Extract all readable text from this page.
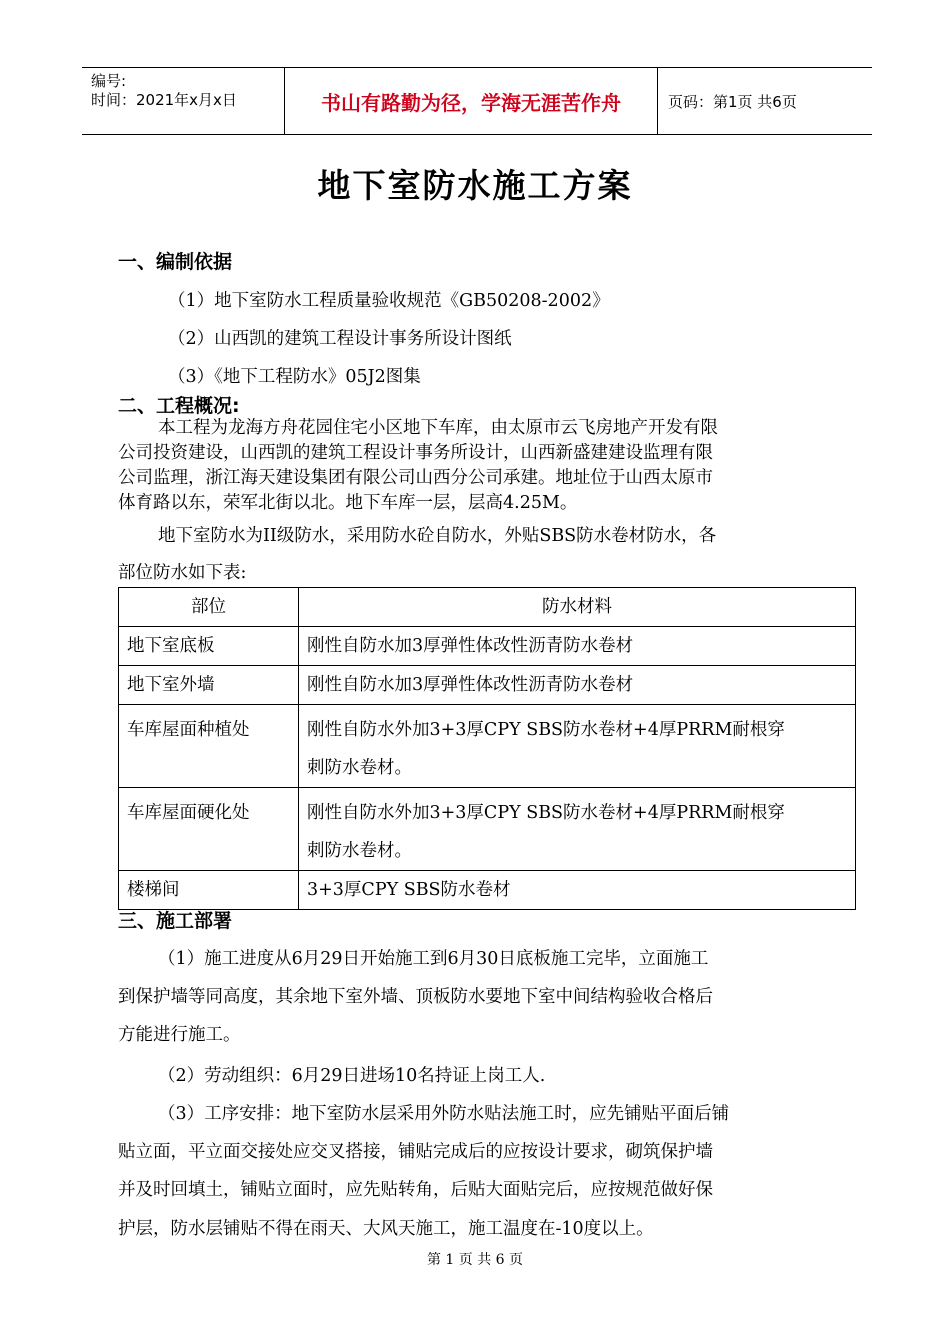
编号:
时间：2021年x月x日	书山有路勤为径，学海无涯苦作舟	页码：第1页 共6页
地下室防水施工方案
一、编制依据
（1）地下室防水工程质量验收规范《GB50208-2002》
（2）山西凯的建筑工程设计事务所设计图纸
（3）《地下工程防水》05J2图集
二、工程概况:
本工程为龙海方舟花园住宅小区地下车库，由太原市云飞房地产开发有限
公司投资建设，山西凯的建筑工程设计事务所设计，山西新盛建建设监理有限
公司监理，浙江海天建设集团有限公司山西分公司承建。地址位于山西太原市
体育路以东，荣军北街以北。地下车库一层，层高4.25M。
地下室防水为II级防水，采用防水砼自防水，外贴SBS防水卷材防水，各
部位防水如下表:
部位	防水材料
地下室底板	刚性自防水加3厚弹性体改性沥青防水卷材
地下室外墙	刚性自防水加3厚弹性体改性沥青防水卷材
车库屋面种植处	刚性自防水外加3+3厚CPY SBS防水卷材+4厚PRRM耐根穿
刺防水卷材。

车库屋面硬化处	刚性自防水外加3+3厚CPY SBS防水卷材+4厚PRRM耐根穿
刺防水卷材。

楼梯间	3+3厚CPY SBS防水卷材
三、施工部署
（1）施工进度从6月29日开始施工到6月30日底板施工完毕，立面施工
到保护墙等同高度，其余地下室外墙、顶板防水要地下室中间结构验收合格后
方能进行施工。
（2）劳动组织：6月29日进场10名持证上岗工人.
（3）工序安排：地下室防水层采用外防水贴法施工时，应先铺贴平面后铺
贴立面，平立面交接处应交叉搭接，铺贴完成后的应按设计要求，砌筑保护墙
并及时回填土，铺贴立面时，应先贴转角，后贴大面贴完后，应按规范做好保
护层，防水层铺贴不得在雨天、大风天施工，施工温度在-10度以上。
第 1 页 共 6 页
